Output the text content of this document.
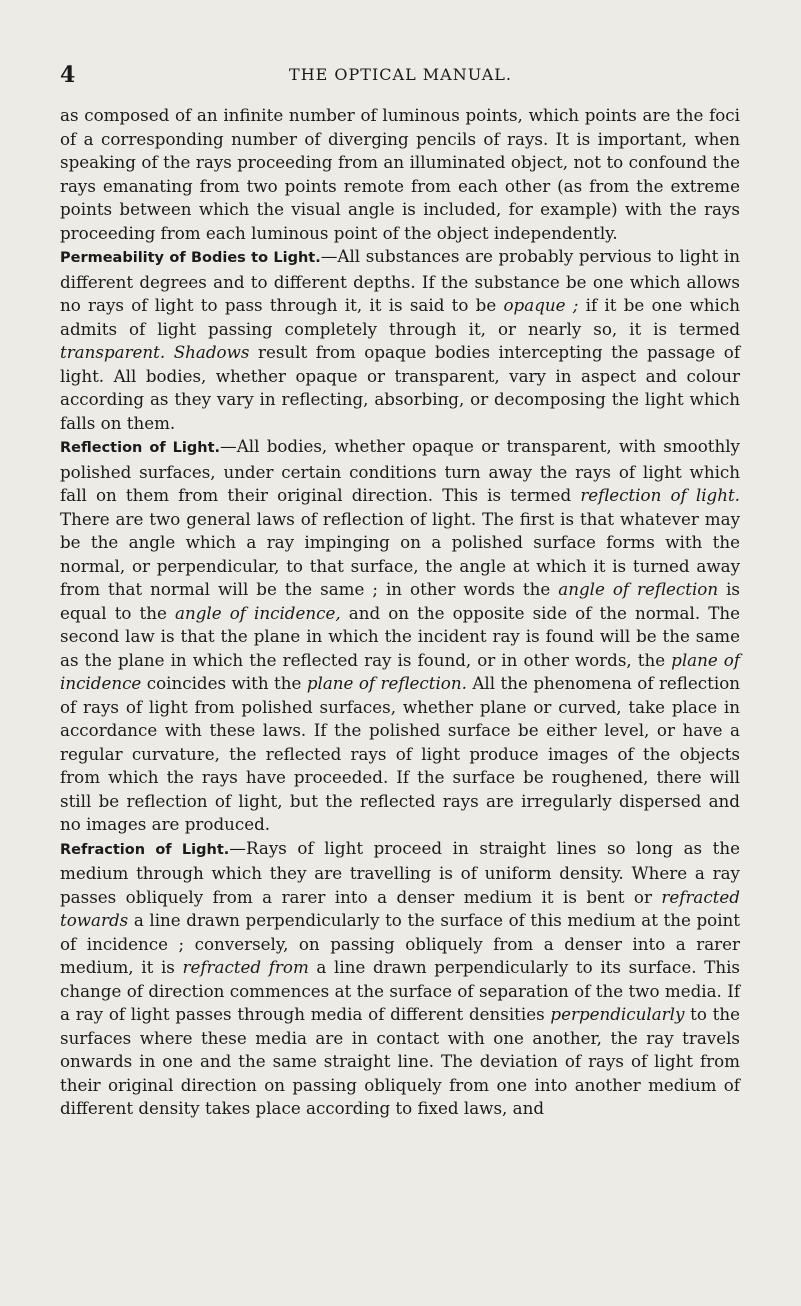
4	THE OPTICAL MANUAL.

as composed of an infinite number of luminous points, which points are the foci of a corresponding number of diverging pencils of rays. It is important, when speaking of the rays proceeding from an illuminated object, not to confound the rays emanating from two points remote from each other (as from the extreme points between which the visual angle is included, for example) with the rays proceeding from each luminous point of the object independently.

Permeability of Bodies to Light.—All substances are probably pervious to light in different degrees and to different depths. If the substance be one which allows no rays of light to pass through it, it is said to be opaque ; if it be one which admits of light passing completely through it, or nearly so, it is termed transparent. Shadows result from opaque bodies intercepting the passage of light. All bodies, whether opaque or transparent, vary in aspect and colour according as they vary in reflecting, absorbing, or decomposing the light which falls on them.

Reflection of Light.—All bodies, whether opaque or transparent, with smoothly polished surfaces, under certain conditions turn away the rays of light which fall on them from their original direction. This is termed reflection of light. There are two general laws of reflection of light. The first is that whatever may be the angle which a ray impinging on a polished surface forms with the normal, or perpendicular, to that surface, the angle at which it is turned away from that normal will be the same ; in other words the angle of reflection is equal to the angle of incidence, and on the opposite side of the normal. The second law is that the plane in which the incident ray is found will be the same as the plane in which the reflected ray is found, or in other words, the plane of incidence coincides with the plane of reflection. All the phenomena of reflection of rays of light from polished surfaces, whether plane or curved, take place in accordance with these laws. If the polished surface be either level, or have a regular curvature, the reflected rays of light produce images of the objects from which the rays have proceeded. If the surface be roughened, there will still be reflection of light, but the reflected rays are irregularly dispersed and no images are produced.

Refraction of Light.—Rays of light proceed in straight lines so long as the medium through which they are travelling is of uniform density. Where a ray passes obliquely from a rarer into a denser medium it is bent or refracted towards a line drawn perpendicularly to the surface of this medium at the point of incidence ; conversely, on passing obliquely from a denser into a rarer medium, it is refracted from a line drawn perpendicularly to its surface. This change of direction commences at the surface of separation of the two media. If a ray of light passes through media of different densities perpendicularly to the surfaces where these media are in contact with one another, the ray travels onwards in one and the same straight line. The deviation of rays of light from their original direction on passing obliquely from one into another medium of different density takes place according to fixed laws, and
